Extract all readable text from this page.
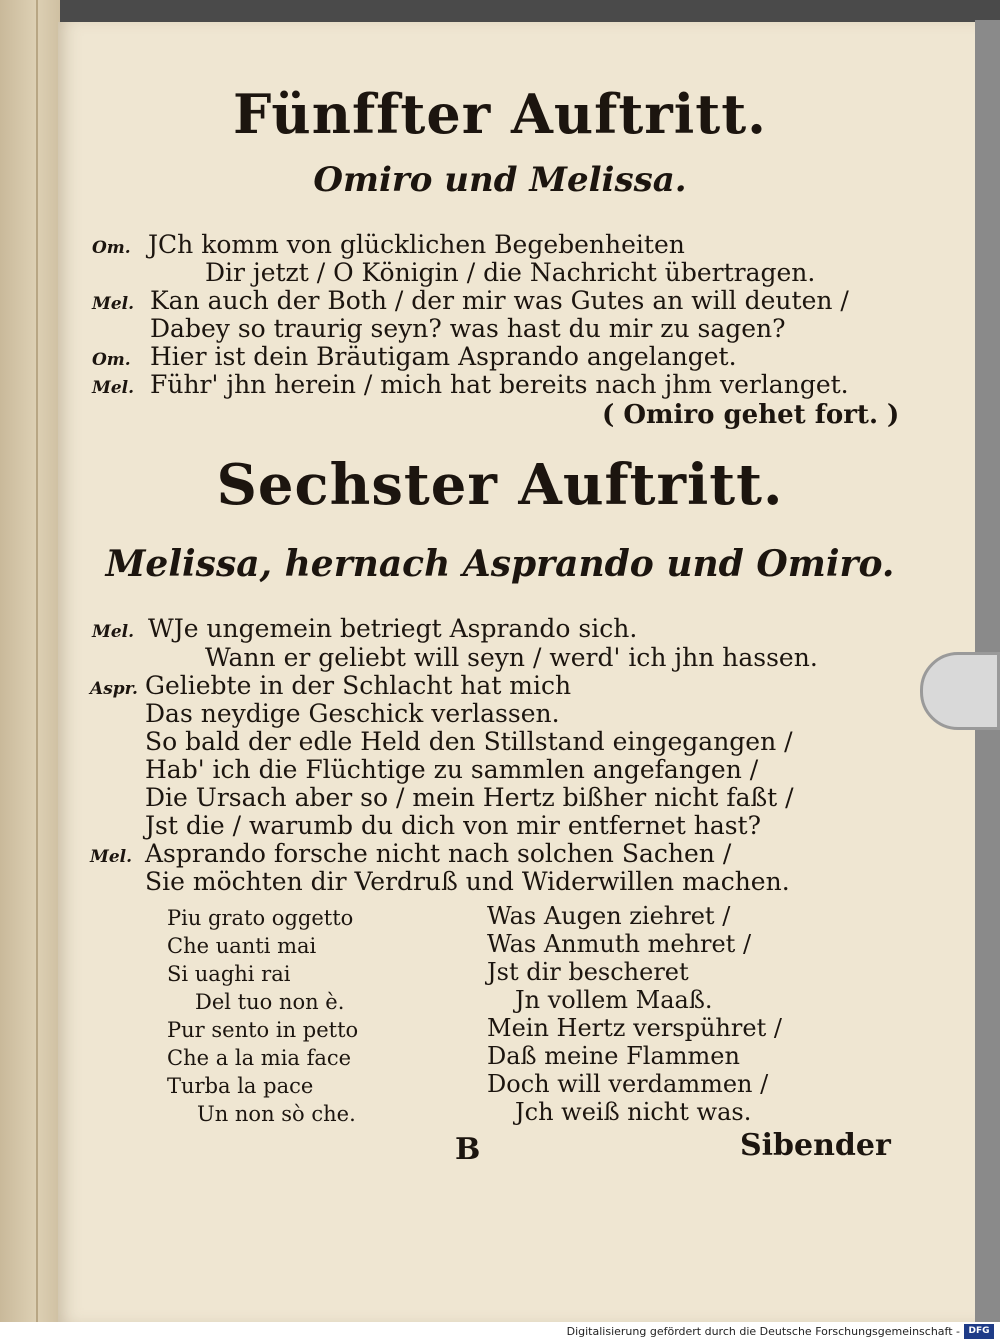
Fünffter Auftritt.
Omiro und Melissa.
Om. JCh komm von glücklichen Begebenheiten
Dir jetzt / O Königin / die Nachricht übertragen.
Mel. Kan auch der Both / der mir was Gutes an will deuten /
Dabey so traurig seyn? was hast du mir zu sagen?
Om. Hier ist dein Bräutigam Asprando angelanget.
Mel. Führ' jhn herein / mich hat bereits nach jhm verlanget.
( Omiro gehet fort. )
Sechster Auftritt.
Melissa, hernach Asprando und Omiro.
Mel. WJe ungemein betriegt Asprando sich.
Wann er geliebt will seyn / werd' ich jhn hassen.
Aspr. Geliebte in der Schlacht hat mich
Das neydige Geschick verlassen.
So bald der edle Held den Stillstand eingegangen /
Hab' ich die Flüchtige zu sammlen angefangen /
Die Ursach aber so / mein Hertz bißher nicht faßt /
Jst die / warumb du dich von mir entfernet hast?
Mel. Asprando forsche nicht nach solchen Sachen /
Sie möchten dir Verdruß und Widerwillen machen.
Piu grato oggetto
Che uanti mai
Si uaghi rai
Del tuo non è.
Pur sento in petto
Che a la mia face
Turba la pace
Un non sò che.
Was Augen ziehret /
Was Anmuth mehret /
Jst dir bescheret
Jn vollem Maaß.
Mein Hertz verspühret /
Daß meine Flammen
Doch will verdammen /
Jch weiß nicht was.
B	Sibender
Digitalisierung gefördert durch die Deutsche Forschungsgemeinschaft - DFG
